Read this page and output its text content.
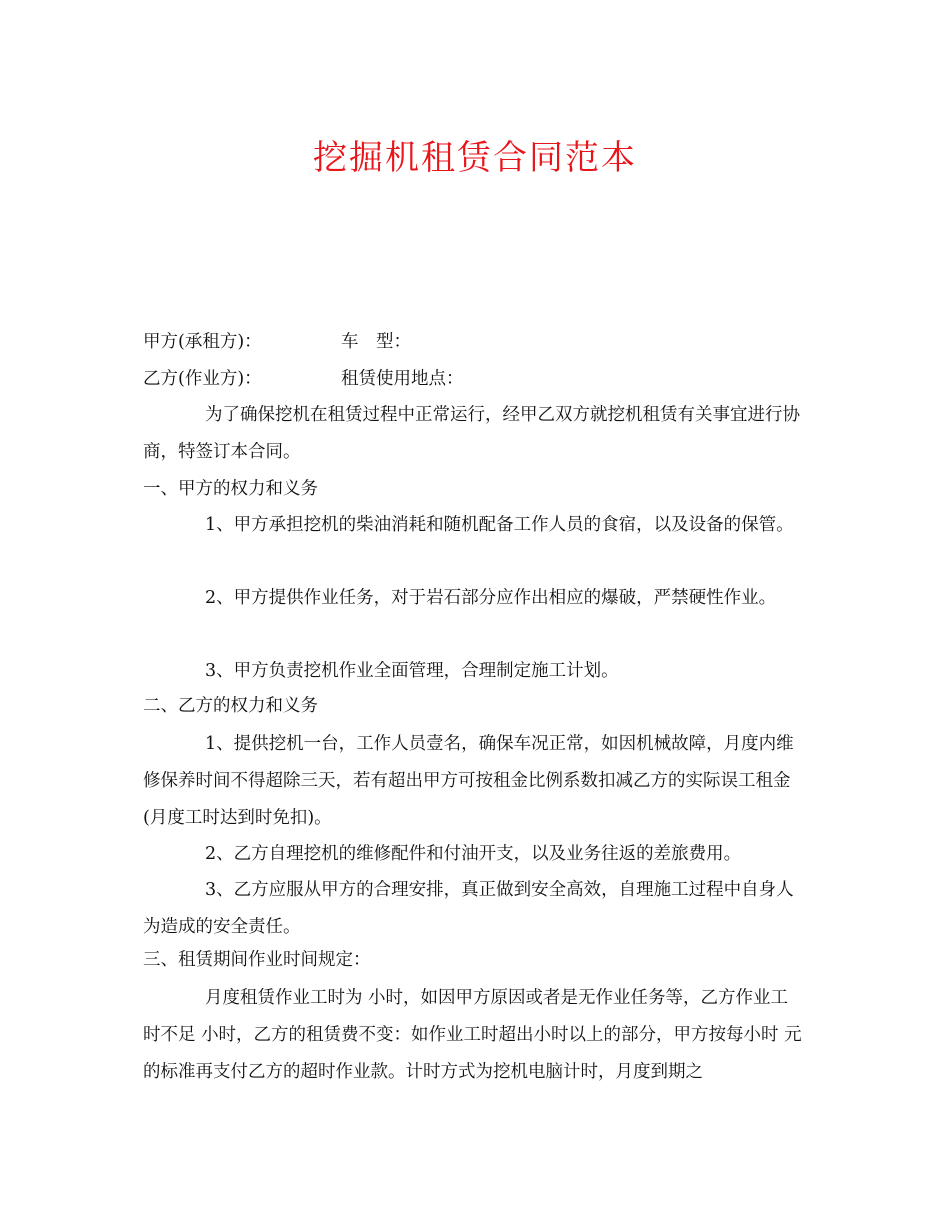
挖掘机租赁合同范本
甲方(承租方)：	车　型：
乙方(作业方)：	租赁使用地点：
为了确保挖机在租赁过程中正常运行，经甲乙双方就挖机租赁有关事宜进行协商，特签订本合同。
一、甲方的权力和义务
1、甲方承担挖机的柴油消耗和随机配备工作人员的食宿，以及设备的保管。
2、甲方提供作业任务，对于岩石部分应作出相应的爆破，严禁硬性作业。
3、甲方负责挖机作业全面管理，合理制定施工计划。
二、乙方的权力和义务
1、提供挖机一台，工作人员壹名，确保车况正常，如因机械故障，月度内维修保养时间不得超除三天，若有超出甲方可按租金比例系数扣减乙方的实际误工租金(月度工时达到时免扣)。
2、乙方自理挖机的维修配件和付油开支，以及业务往返的差旅费用。
3、乙方应服从甲方的合理安排，真正做到安全高效，自理施工过程中自身人为造成的安全责任。
三、租赁期间作业时间规定：
月度租赁作业工时为 小时，如因甲方原因或者是无作业任务等，乙方作业工时不足 小时，乙方的租赁费不变：如作业工时超出小时以上的部分，甲方按每小时 元的标准再支付乙方的超时作业款。计时方式为挖机电脑计时，月度到期之
